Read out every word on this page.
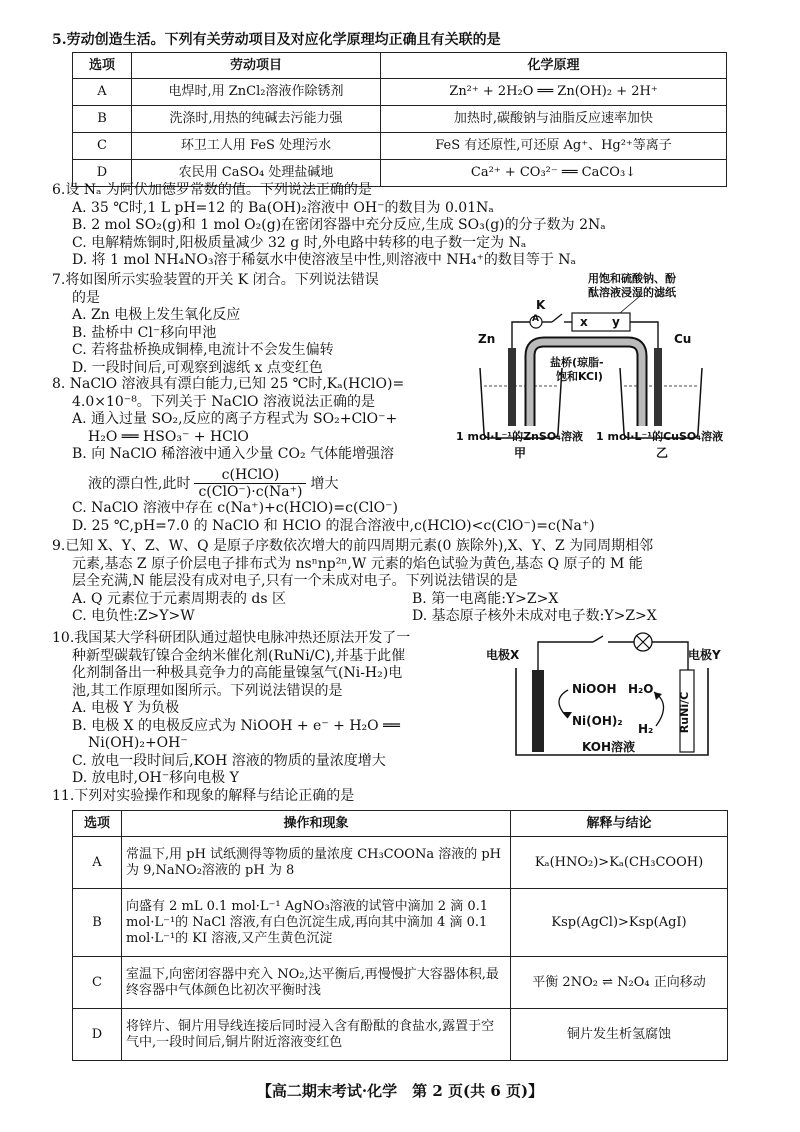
5.劳动创造生活。下列有关劳动项目及对应化学原理均正确且有关联的是
选项	劳动项目	化学原理
A	电焊时,用 ZnCl₂溶液作除锈剂	Zn²⁺ + 2H₂O ══ Zn(OH)₂ + 2H⁺
B	洗涤时,用热的纯碱去污能力强	加热时,碳酸钠与油脂反应速率加快
C	环卫工人用 FeS 处理污水	FeS 有还原性,可还原 Ag⁺、Hg²⁺等离子
D	农民用 CaSO₄ 处理盐碱地	Ca²⁺ + CO₃²⁻ ══ CaCO₃↓
6.设 Nₐ 为阿伏加德罗常数的值。下列说法正确的是
A. 35 ℃时,1 L pH=12 的 Ba(OH)₂溶液中 OH⁻的数目为 0.01Nₐ
B. 2 mol SO₂(g)和 1 mol O₂(g)在密闭容器中充分反应,生成 SO₃(g)的分子数为 2Nₐ
C. 电解精炼铜时,阳极质量减少 32 g 时,外电路中转移的电子数一定为 Nₐ
D. 将 1 mol NH₄NO₃溶于稀氨水中使溶液呈中性,则溶液中 NH₄⁺的数目等于 Nₐ
7.将如图所示实验装置的开关 K 闭合。下列说法错误
的是
A. Zn 电极上发生氧化反应
B. 盐桥中 Cl⁻移向甲池
C. 若将盐桥换成铜棒,电流计不会发生偏转
D. 一段时间后,可观察到滤纸 x 点变红色
用饱和硫酸钠、酚
酞溶液浸湿的滤纸
K
A	x y
Zn	Cu
盐桥(琼脂-
饱和KCl)
1 mol·L⁻¹的ZnSO₄溶液 1 mol·L⁻¹的CuSO₄溶液
甲	乙
8. NaClO 溶液具有漂白能力,已知 25 ℃时,Kₐ(HClO)=
4.0×10⁻⁸。下列关于 NaClO 溶液说法正确的是
A. 通入过量 SO₂,反应的离子方程式为 SO₂+ClO⁻+
H₂O ══ HSO₃⁻ + HClO
B. 向 NaClO 稀溶液中通入少量 CO₂ 气体能增强溶
液的漂白性,此时 $\frac{\text{c(HClO)}}{\text{c(ClO⁻)·c(Na⁺)}}$ 增大
C. NaClO 溶液中存在 c(Na⁺)+c(HClO)=c(ClO⁻)
D. 25 ℃,pH=7.0 的 NaClO 和 HClO 的混合溶液中,c(HClO)<c(ClO⁻)=c(Na⁺)
9.已知 X、Y、Z、W、Q 是原子序数依次增大的前四周期元素(0 族除外),X、Y、Z 为同周期相邻
元素,基态 Z 原子价层电子排布式为 nsⁿnp²ⁿ,W 元素的焰色试验为黄色,基态 Q 原子的 M 能
层全充满,N 能层没有成对电子,只有一个未成对电子。下列说法错误的是
A. Q 元素位于元素周期表的 ds 区	B. 第一电离能:Y>Z>X
C. 电负性:Z>Y>W	D. 基态原子核外未成对电子数:Y>Z>X
10.我国某大学科研团队通过超快电脉冲热还原法开发了一
种新型碳载钌镍合金纳米催化剂(RuNi/C),并基于此催
化剂制备出一种极具竞争力的高能量镍氢气(Ni-H₂)电
池,其工作原理如图所示。下列说法错误的是
A. 电极 Y 为负极
B. 电极 X 的电极反应式为 NiOOH + e⁻ + H₂O ══
Ni(OH)₂+OH⁻
C. 放电一段时间后,KOH 溶液的物质的量浓度增大
D. 放电时,OH⁻移向电极 Y
电极X	电极Y
NiOOH
Ni(OH)₂
H₂O
H₂ RuNi/C
KOH溶液
11.下列对实验操作和现象的解释与结论正确的是
选项	操作和现象	解释与结论
A	常温下,用 pH 试纸测得等物质的量浓度 CH₃COONa 溶液的 pH 为 9,NaNO₂溶液的 pH 为 8	Kₐ(HNO₂)>Kₐ(CH₃COOH)
B	向盛有 2 mL 0.1 mol·L⁻¹ AgNO₃溶液的试管中滴加 2 滴 0.1 mol·L⁻¹的 NaCl 溶液,有白色沉淀生成,再向其中滴加 4 滴 0.1 mol·L⁻¹的 KI 溶液,又产生黄色沉淀	Ksp(AgCl)>Ksp(AgI)
C	室温下,向密闭容器中充入 NO₂,达平衡后,再慢慢扩大容器体积,最终容器中气体颜色比初次平衡时浅	平衡 2NO₂ ⇌ N₂O₄ 正向移动
D	将锌片、铜片用导线连接后同时浸入含有酚酞的食盐水,露置于空气中,一段时间后,铜片附近溶液变红色	铜片发生析氢腐蚀
【高二期末考试·化学　第 2 页(共 6 页)】
